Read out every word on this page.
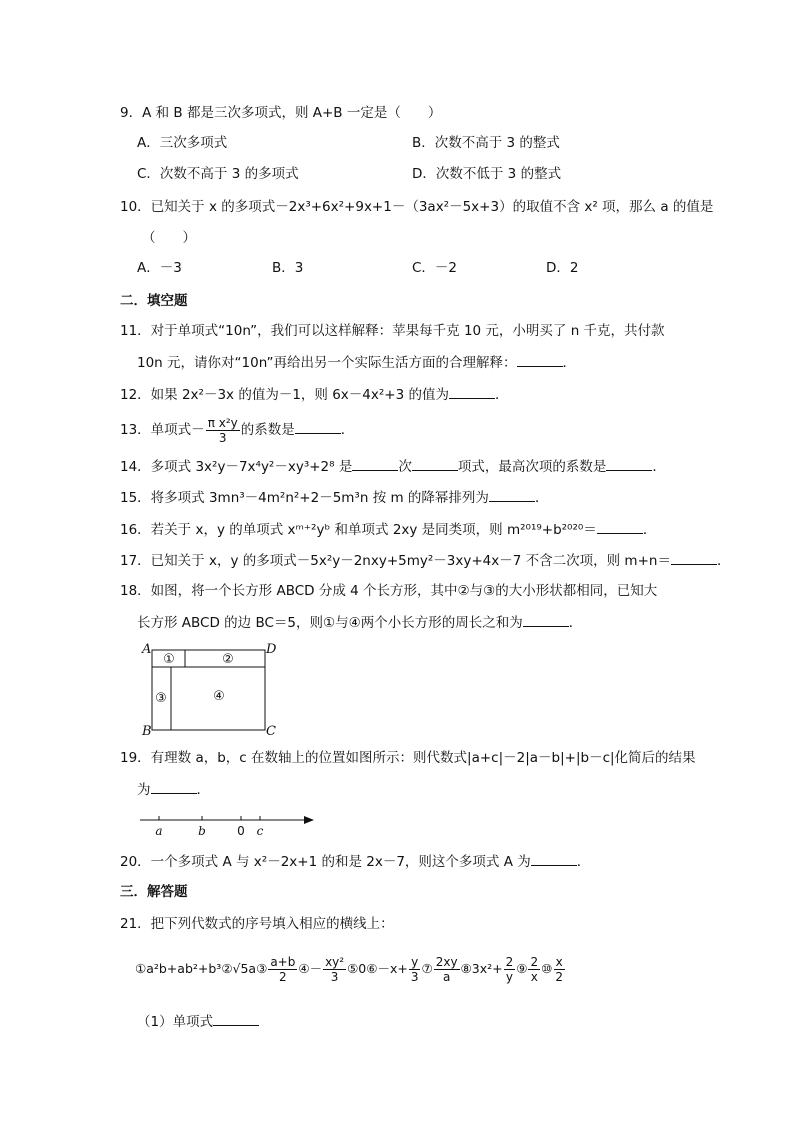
9．A 和 B 都是三次多项式，则 A+B 一定是（　　）
A．三次多项式	B．次数不高于 3 的整式
C．次数不高于 3 的多项式	D．次数不低于 3 的整式
10．已知关于 x 的多项式－2x³+6x²+9x+1－（3ax²－5x+3）的取值不含 x² 项，那么 a 的值是
（　　）
A．－3	B．3	C．－2	D．2
二．填空题
11．对于单项式“10n”，我们可以这样解释：苹果每千克 10 元，小明买了 n 千克，共付款
10n 元，请你对“10n”再给出另一个实际生活方面的合理解释：	．
12．如果 2x²－3x 的值为－1，则 6x－4x²+3 的值为	．
13．单项式－ $\frac{\text{π x²y}}{3}$ 的系数是	．
14．多项式 3x²y－7x⁴y²－xy³+2⁸ 是	次	项式，最高次项的系数是	．
15．将多项式 3mn³－4m²n²+2－5m³n 按 m 的降幂排列为	．
16．若关于 x，y 的单项式 xᵐ⁺²yᵇ 和单项式 2xy 是同类项，则 m²⁰¹⁹+b²⁰²⁰＝	．
17．已知关于 x，y 的多项式－5x²y－2nxy+5my²－3xy+4x－7 不含二次项，则 m+n＝	．
18．如图，将一个长方形 ABCD 分成 4 个长方形，其中②与③的大小形状都相同，已知大
长方形 ABCD 的边 BC＝5，则①与④两个小长方形的周长之和为	．
A
B
D
C
①	②
③	④
19．有理数 a，b，c 在数轴上的位置如图所示：则代数式|a+c|－2|a－b|+|b－c|化简后的结果
为	．
a	b	0 c
20．一个多项式 A 与 x²－2x+1 的和是 2x－7，则这个多项式 A 为	．
三．解答题
21．把下列代数式的序号填入相应的横线上：
①a²b+ab²+b³②√5a③ $\frac{a+b}{2}$ ④－ $\frac{\text{xy²}}{3}$ ⑤0⑥－x+ $\frac{y}{3}$ ⑦ $\frac{2xy}{a}$ ⑧3x²+ $\frac{2}{y}$ ⑨ $\frac{2}{x}$ ⑩ $\frac{x}{2}$
（1）单项式
